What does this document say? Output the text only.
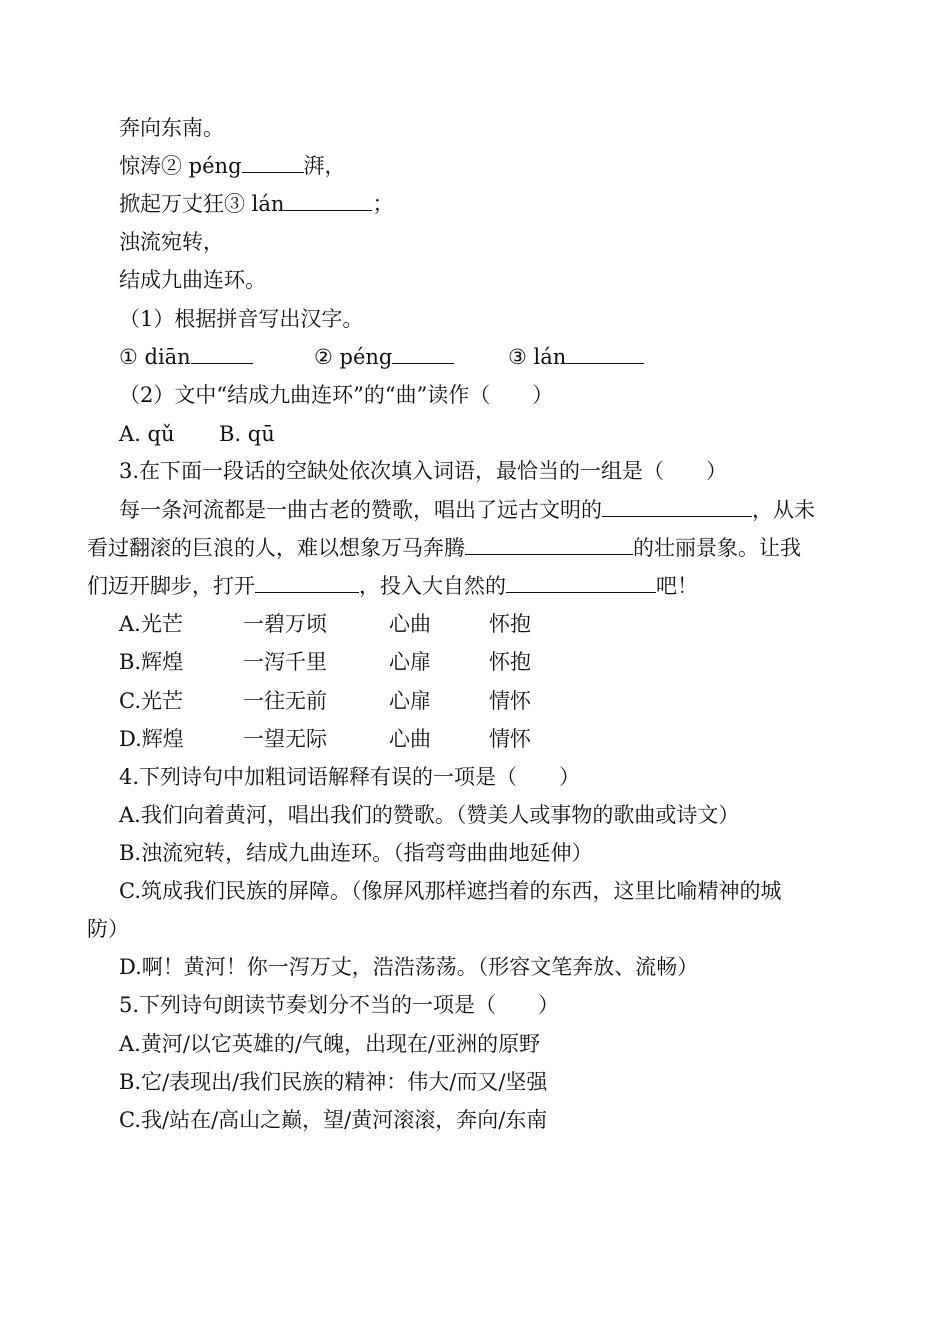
奔向东南。
惊涛② péng	湃，
掀起万丈狂③ lán	；
浊流宛转，
结成九曲连环。
（1）根据拼音写出汉字。
① diān	② péng	③ lán
（2）文中“结成九曲连环”的“曲”读作（　　）
A. qǔ B. qū
3.在下面一段话的空缺处依次填入词语，最恰当的一组是（　　）
每一条河流都是一曲古老的赞歌，唱出了远古文明的	，从未
看过翻滚的巨浪的人，难以想象万马奔腾	的壮丽景象。让我
们迈开脚步，打开	，投入大自然的	吧！
A.光芒	一碧万顷	心曲	怀抱
B.辉煌	一泻千里	心扉	怀抱
C.光芒	一往无前	心扉	情怀
D.辉煌	一望无际	心曲	情怀
4.下列诗句中加粗词语解释有误的一项是（　　）
A.我们向着黄河，唱出我们的赞歌。（赞美人或事物的歌曲或诗文）
B.浊流宛转，结成九曲连环。（指弯弯曲曲地延伸）
C.筑成我们民族的屏障。（像屏风那样遮挡着的东西，这里比喻精神的城
防）
D.啊！黄河！你一泻万丈，浩浩荡荡。（形容文笔奔放、流畅）
5.下列诗句朗读节奏划分不当的一项是（　　）
A.黄河/以它英雄的/气魄，出现在/亚洲的原野
B.它/表现出/我们民族的精神：伟大/而又/坚强
C.我/站在/高山之巅，望/黄河滚滚，奔向/东南
